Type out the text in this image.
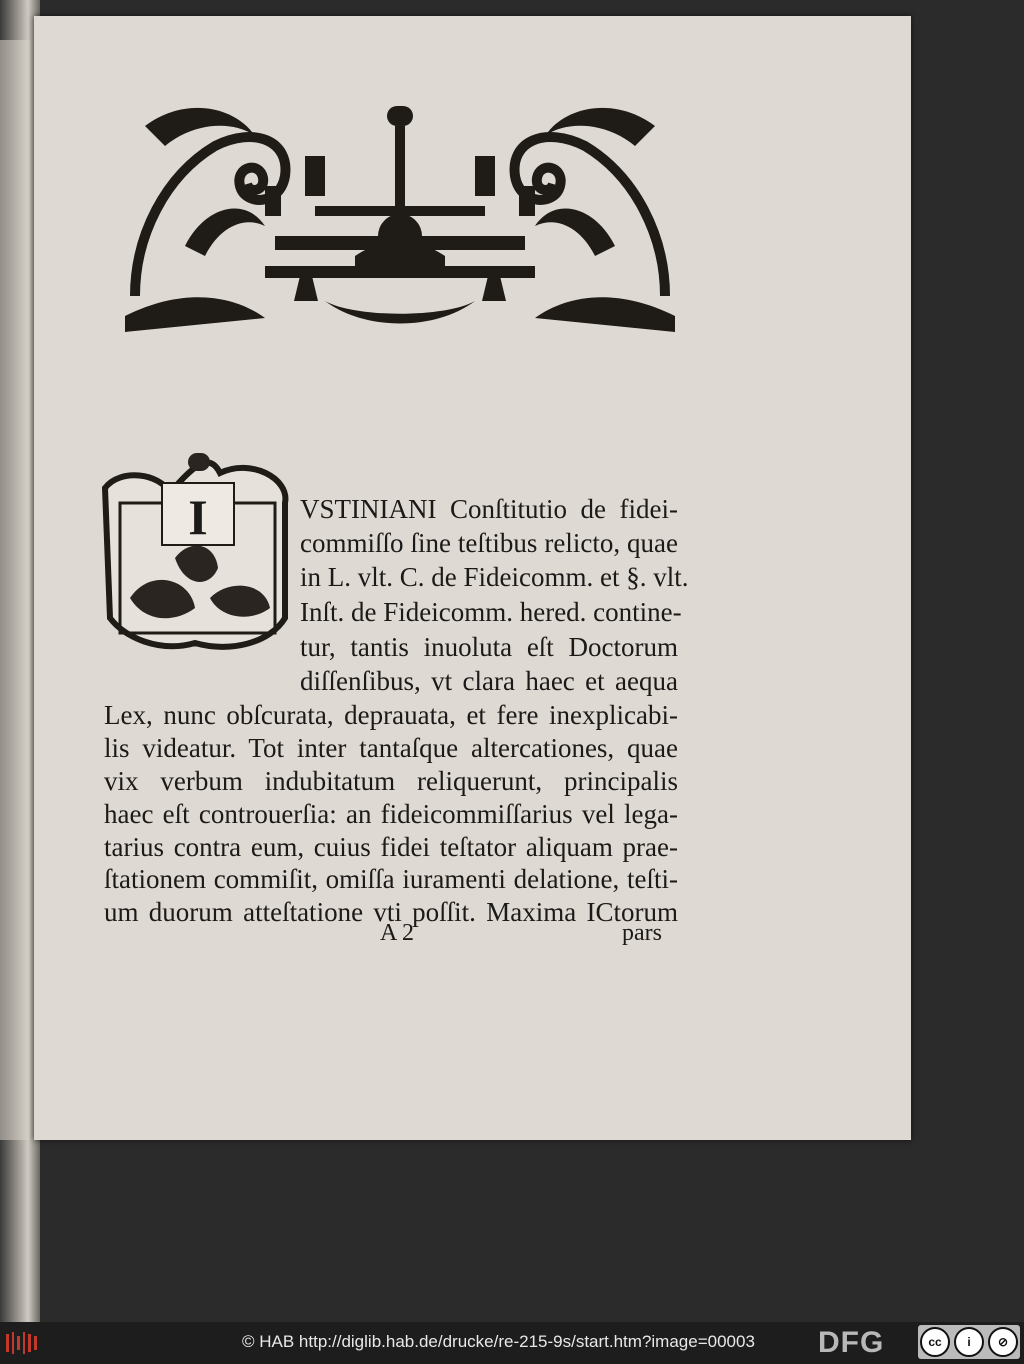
I	VSTINIANI Conſtitutio de fidei-
commiſſo ſine teſtibus relicto, quae
in L. vlt. C. de Fideicomm. et §. vlt.
Inſt. de Fideicomm. hered. contine-
tur, tantis inuoluta eſt Doctorum
diſſenſibus, vt clara haec et aequa
Lex, nunc obſcurata, deprauata, et fere inexplicabi-
lis videatur. Tot inter tantaſque altercationes, quae
vix verbum indubitatum reliquerunt, principalis
haec eſt controuerſia: an fideicommiſſarius vel lega-
tarius contra eum, cuius fidei teſtator aliquam prae-
ſtationem commiſit, omiſſa iuramenti delatione, teſti-
um duorum atteſtatione vti poſſit. Maxima ICtorum
A 2	pars
© HAB http://diglib.hab.de/drucke/re-215-9s/start.htm?image=00003 DFG	cc	i	⊘
